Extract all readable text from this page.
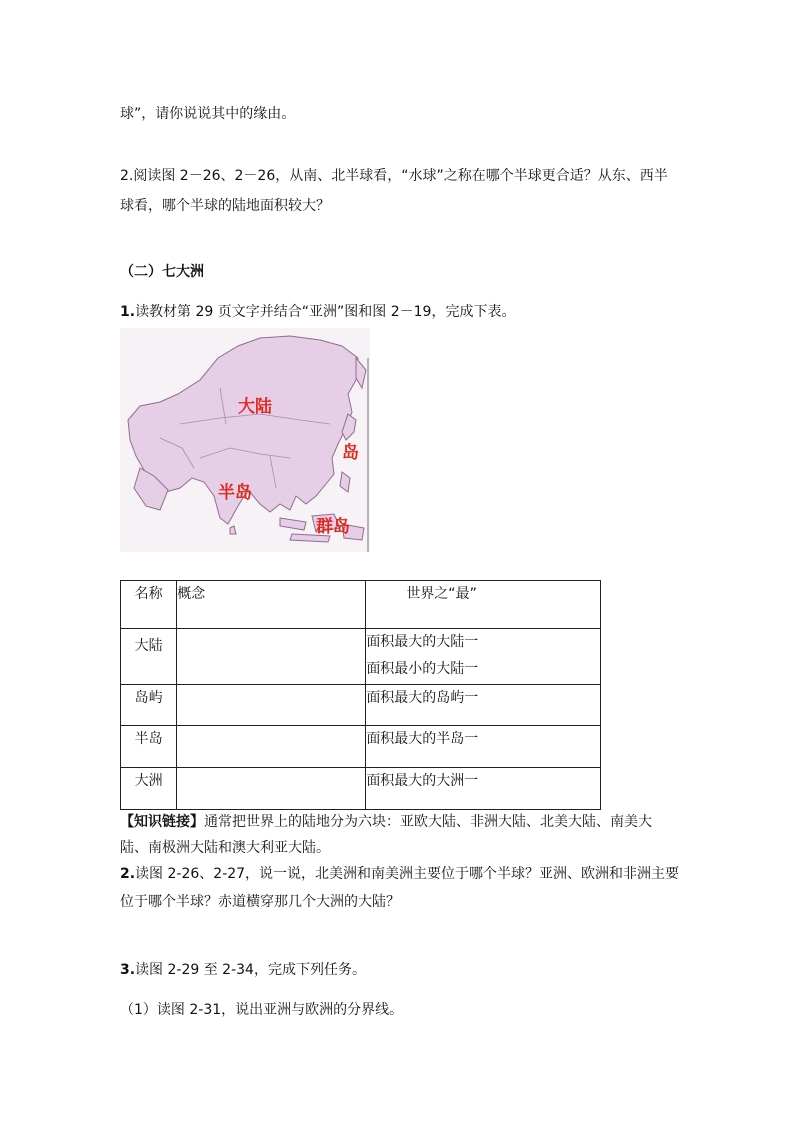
球”，请你说说其中的缘由。
2.阅读图 2－26、2－26，从南、北半球看，“水球”之称在哪个半球更合适？从东、西半
球看，哪个半球的陆地面积较大？
（二）七大洲
1.读教材第 29 页文字并结合“亚洲”图和图 2－19，完成下表。
大陆
岛
半岛
群岛
名称	概念	世界之“最”
大陆		面积最大的大陆一
面积最小的大陆一

岛屿		面积最大的岛屿一
半岛		面积最大的半岛一
大洲		面积最大的大洲一
【知识链接】通常把世界上的陆地分为六块：亚欧大陆、非洲大陆、北美大陆、南美大
陆、南极洲大陆和澳大利亚大陆。
2.读图 2-26、2-27，说一说，北美洲和南美洲主要位于哪个半球？亚洲、欧洲和非洲主要
位于哪个半球？赤道横穿那几个大洲的大陆？
3.读图 2-29 至 2-34，完成下列任务。
（1）读图 2-31，说出亚洲与欧洲的分界线。
